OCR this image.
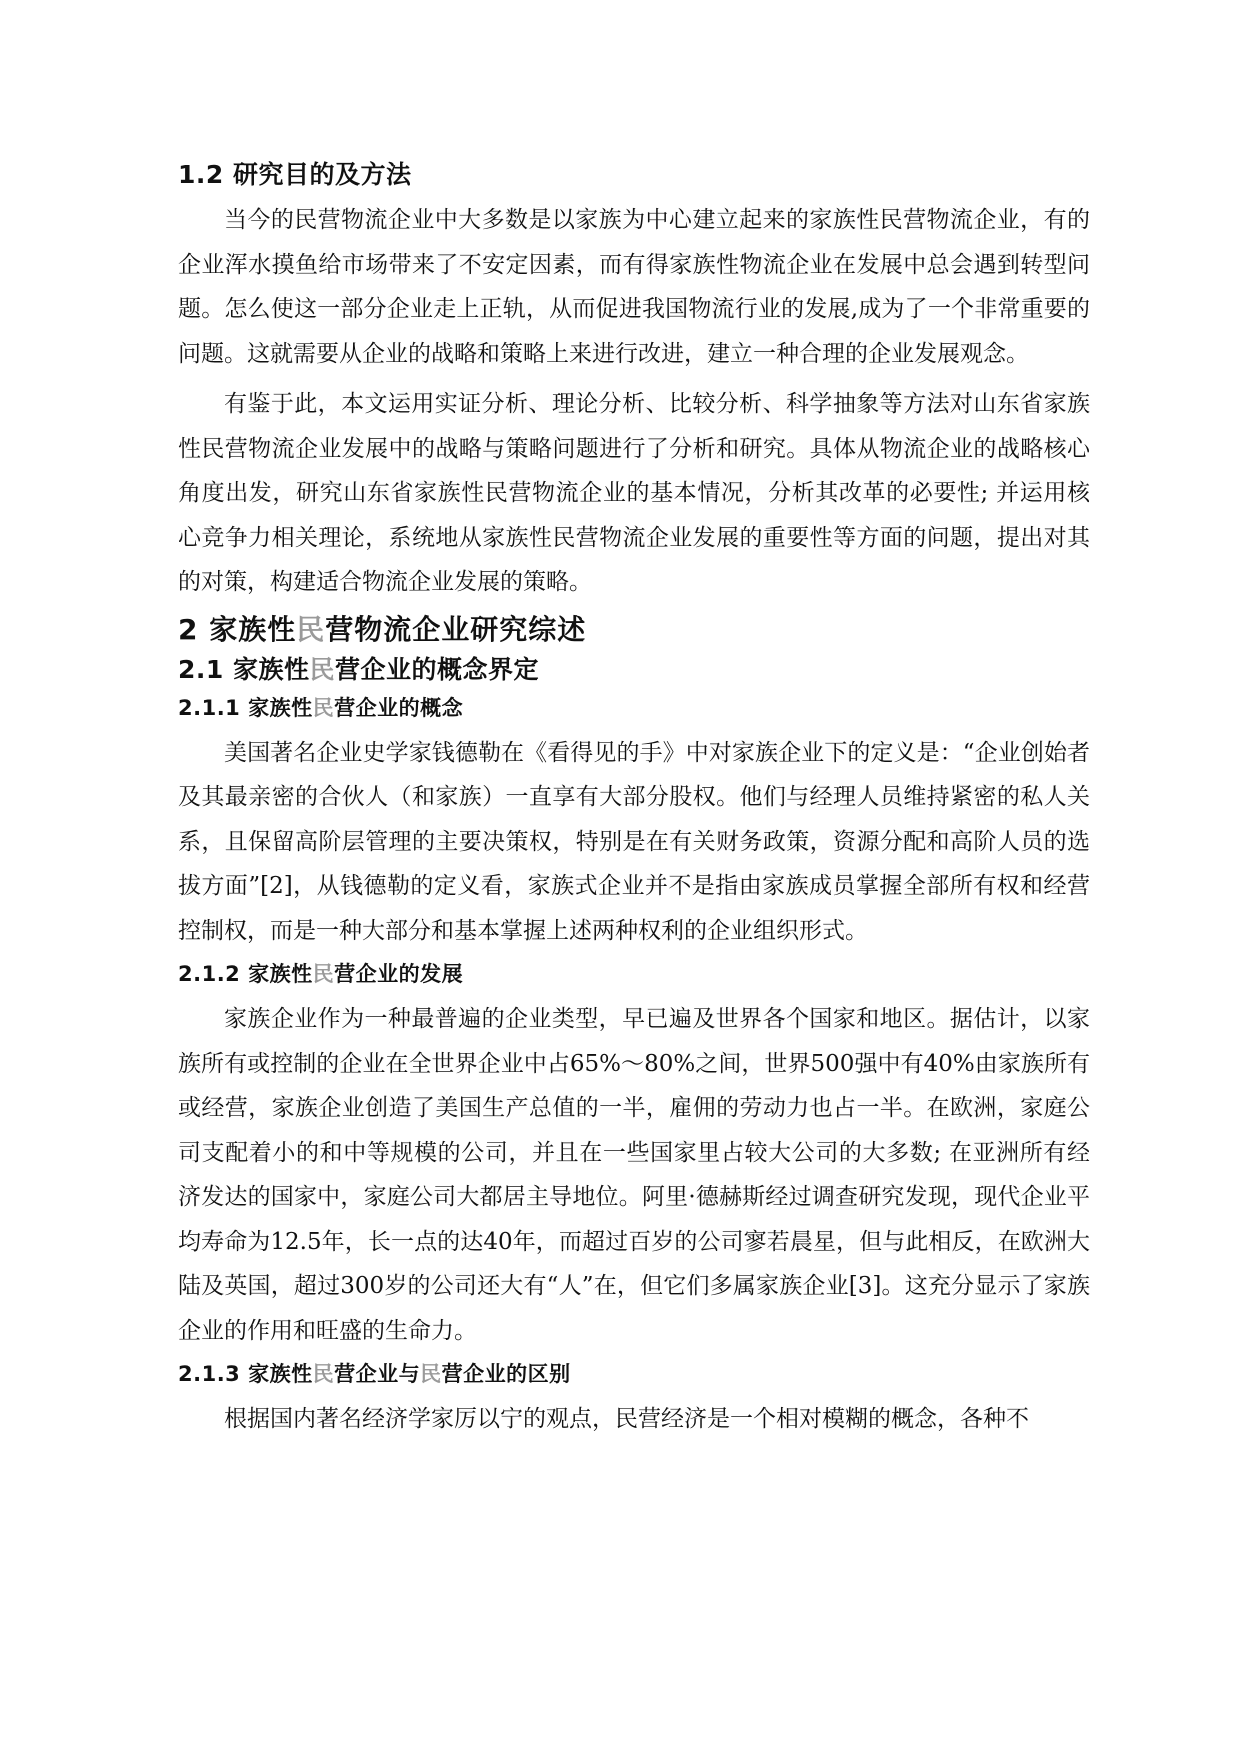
1.2 研究目的及方法

当今的民营物流企业中大多数是以家族为中心建立起来的家族性民营物流企业，有的企业浑水摸鱼给市场带来了不安定因素，而有得家族性物流企业在发展中总会遇到转型问题。怎么使这一部分企业走上正轨，从而促进我国物流行业的发展,成为了一个非常重要的问题。这就需要从企业的战略和策略上来进行改进，建立一种合理的企业发展观念。

有鉴于此，本文运用实证分析、理论分析、比较分析、科学抽象等方法对山东省家族性民营物流企业发展中的战略与策略问题进行了分析和研究。具体从物流企业的战略核心角度出发，研究山东省家族性民营物流企业的基本情况，分析其改革的必要性; 并运用核心竞争力相关理论，系统地从家族性民营物流企业发展的重要性等方面的问题，提出对其的对策，构建适合物流企业发展的策略。

2 家族性民营物流企业研究综述
2.1 家族性民营企业的概念界定
2.1.1 家族性民营企业的概念

美国著名企业史学家钱德勒在《看得见的手》中对家族企业下的定义是：“企业创始者及其最亲密的合伙人（和家族）一直享有大部分股权。他们与经理人员维持紧密的私人关系，且保留高阶层管理的主要决策权，特别是在有关财务政策，资源分配和高阶人员的选拔方面”[2]，从钱德勒的定义看，家族式企业并不是指由家族成员掌握全部所有权和经营控制权，而是一种大部分和基本掌握上述两种权利的企业组织形式。

2.1.2 家族性民营企业的发展

家族企业作为一种最普遍的企业类型，早已遍及世界各个国家和地区。据估计，以家族所有或控制的企业在全世界企业中占65%～80%之间，世界500强中有40%由家族所有或经营，家族企业创造了美国生产总值的一半，雇佣的劳动力也占一半。在欧洲，家庭公司支配着小的和中等规模的公司，并且在一些国家里占较大公司的大多数; 在亚洲所有经济发达的国家中，家庭公司大都居主导地位。阿里·德赫斯经过调查研究发现，现代企业平均寿命为12.5年，长一点的达40年，而超过百岁的公司寥若晨星，但与此相反，在欧洲大陆及英国，超过300岁的公司还大有“人”在，但它们多属家族企业[3]。这充分显示了家族企业的作用和旺盛的生命力。

2.1.3 家族性民营企业与民营企业的区别

根据国内著名经济学家厉以宁的观点，民营经济是一个相对模糊的概念，各种不
